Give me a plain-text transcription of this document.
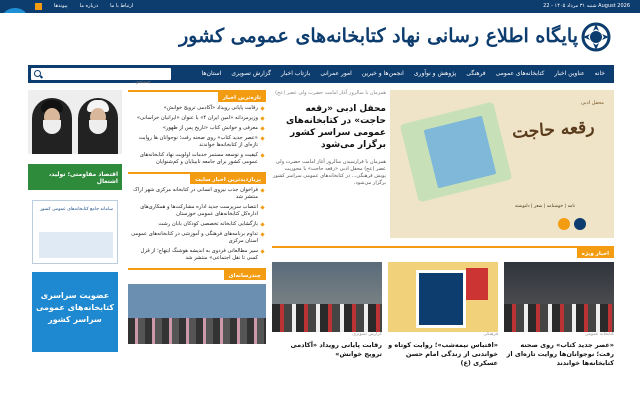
پیوندها درباره ما ارتباط با ما	شنبه ۳۱ مرداد ۱۴۰۵ - 22 August 2026
پایگاه اطلاع رسانی نهاد کتابخانه‌های عمومی کشور
خانه
عناوین اخبار
کتابخانه‌های عمومی
فرهنگی
پژوهش و نوآوری
انجمن‌ها و خیرین
امور عمرانی
بازتاب اخبار
گزارش تصویری
استان‌ها
جستجو...
اقتصاد مقاومتی؛ تولید، اشتغال
سامانه جامع کتابخانه‌های عمومی کشور
عضویت سراسری کتابخانه‌های عمومی سراسر کشور
تازه‌ترین اخبار
رقابت پایانی رویداد «آکادمی ترویج خوانش»
وزیرمردانه «امین ایران ۴» با عنوان «ایرانیان خراسانی»
معرفی و خوانش کتاب «تاریخ پس از ظهور»
«عصر جدید کتاب» روی صحنه رفت؛ نوجوانان ها روایت تازه‌ای از کتابخانه‌ها خواندند
کیفیت و توسعه مستمر خدمات اولویت نهاد کتابخانه‌های عمومی کشور برای جامعه نابینایان و کم‌شنوایان
پربازدیدترین اخبار سایت
فراخوان جذب نیروی انسانی در کتابخانه مرکزی شهر اراک منتشر شد
انتصاب سرپرست جدید اداره مشارکت‌ها و همکاری‌های اداره‌کل کتابخانه‌های عمومی خوزستان
بازگشایی کتابخانه تخصصی کودکان بابان رشت
تداوم برنامه‌های فرهنگی و آموزشی در کتابخانه‌های عمومی استان مرکزی
سیر مطالعاتی فردوی به اندیشه هوشنگ ابتهاج؛ از قزل کسی تا نقل اجتماعی» منتشر شد
چندرسانه‌ای
محفل ادبی
رقعه حاجت
نامه | خوشنامه | شعر | دلنوشته
همزمان با سالروز آغاز امامت حضرت ولی عصر (عج)
محفل ادبی «رقعه حاجت» در کتابخانه‌های عمومی سراسر کشور برگزار می‌شود
همزمان با فرارسیدن سالروز آغاز امامت حضرت ولی عصر (عج) محفل ادبی «رقعه حاجت» با محوریت پویش فرهنگی... در کتابخانه‌های عمومی سراسر کشور برگزار می‌شود.
اخبار ویژه
کتابخانه عمومی
«عصر جدید کتاب» روی صحنه رفت؛ نوجوانان‌ها روایت تازه‌ای از کتابخانه‌ها خواندند
فرهنگی
«اقتباس نیمه‌شب»؛ روایت کوتاه و خواندنی از زندگی امام حسن عسکری (ع)
گزارش تصویری
رقابت پایانی رویداد «آکادمی ترویج خوانش»
